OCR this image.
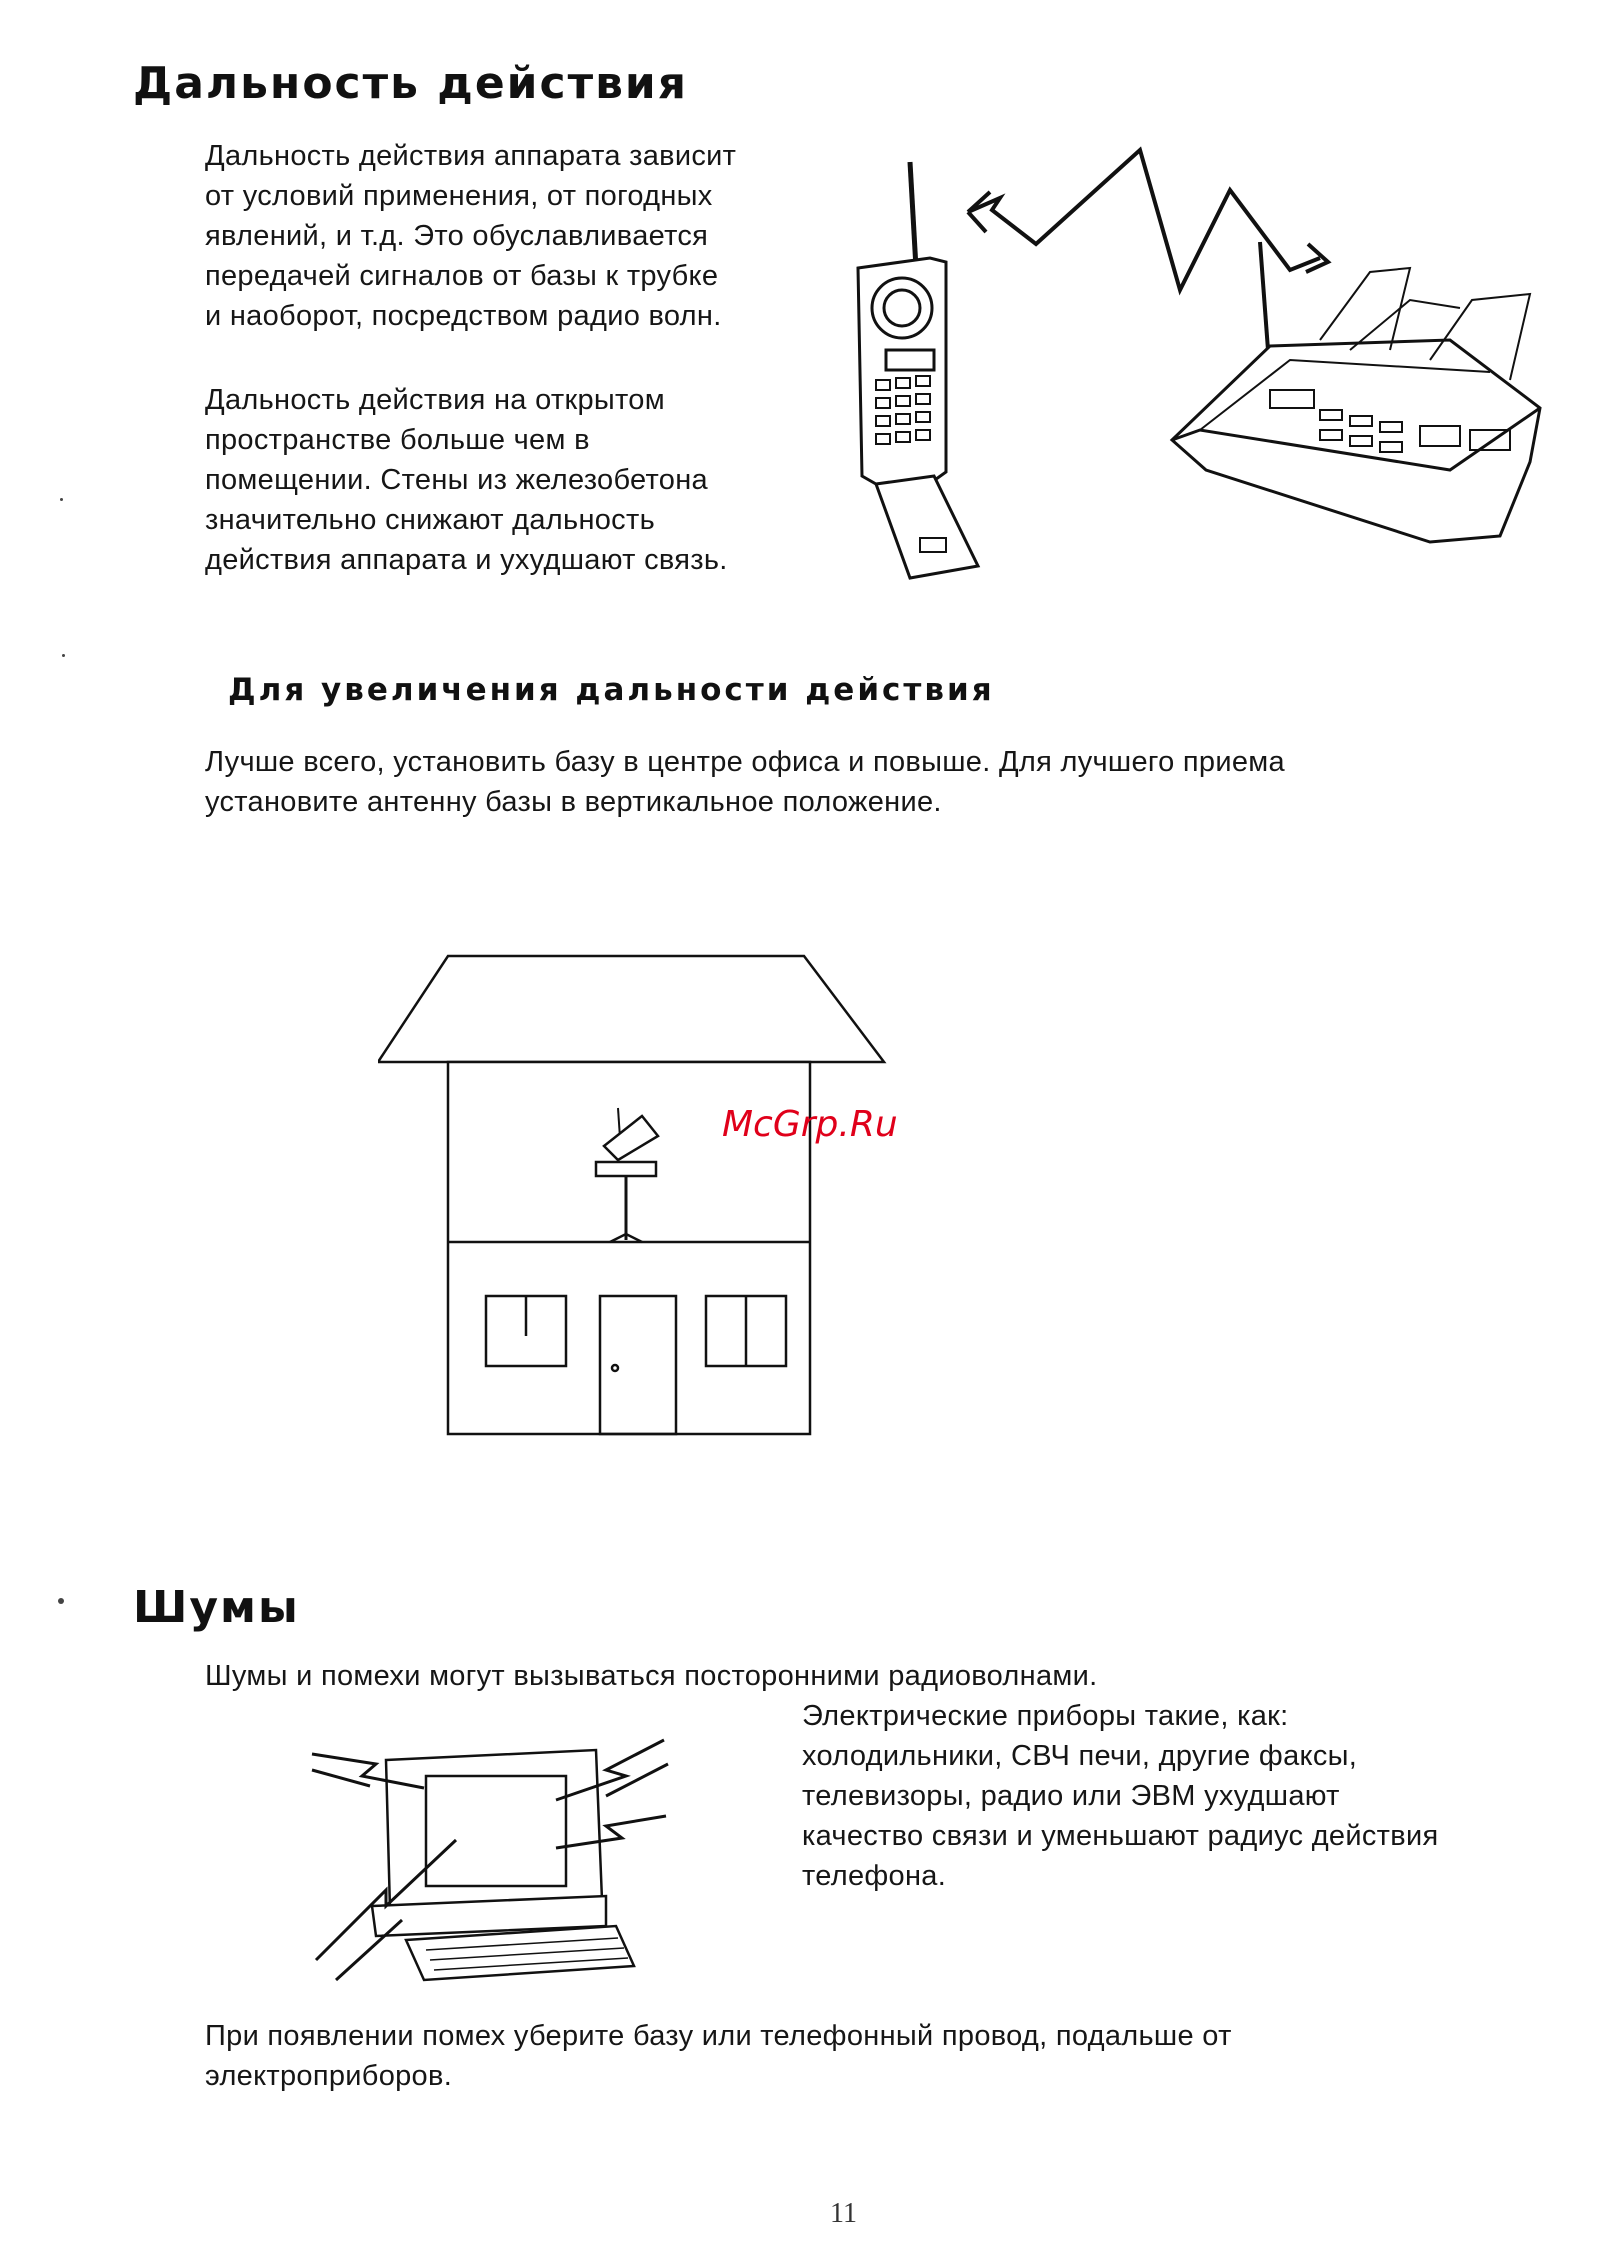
Дальность действия

Дальность действия аппарата зависит
от условий применения, от погодных
явлений, и т.д. Это обуславливается
передачей сигналов от базы к трубке
и наоборот, посредством радио волн.

Дальность действия на открытом
пространстве больше чем в
помещении. Стены из железобетона
значительно снижают дальность
действия аппарата и ухудшают связь.

Для увеличения дальности действия

Лучше всего, установить базу в центре офиса и повыше. Для лучшего приема
установите антенну базы в вертикальное положение.

McGrp.Ru
Шумы

Шумы и помехи могут вызываться посторонними радиоволнами.

Электрические приборы такие, как:
холодильники, СВЧ печи, другие факсы,
телевизоры, радио или ЭВМ ухудшают
качество связи и уменьшают радиус действия
телефона.

При появлении помех уберите базу или телефонный провод, подальше от
электроприборов.

11
